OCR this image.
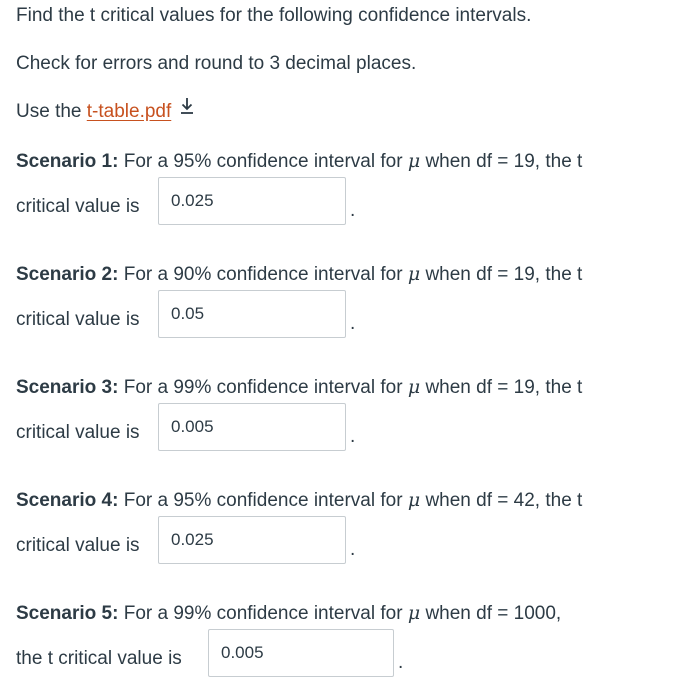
Find the t critical values for the following confidence intervals.
Check for errors and round to 3 decimal places.
Use the t-table.pdf
Scenario 1: For a 95% confidence interval for μ when df = 19, the t
critical value is	0.025	.
Scenario 2: For a 90% confidence interval for μ when df = 19, the t
critical value is	0.05	.
Scenario 3: For a 99% confidence interval for μ when df = 19, the t
critical value is	0.005	.
Scenario 4: For a 95% confidence interval for μ when df = 42, the t
critical value is	0.025	.
Scenario 5: For a 99% confidence interval for μ when df = 1000,
the t critical value is	0.005	.
